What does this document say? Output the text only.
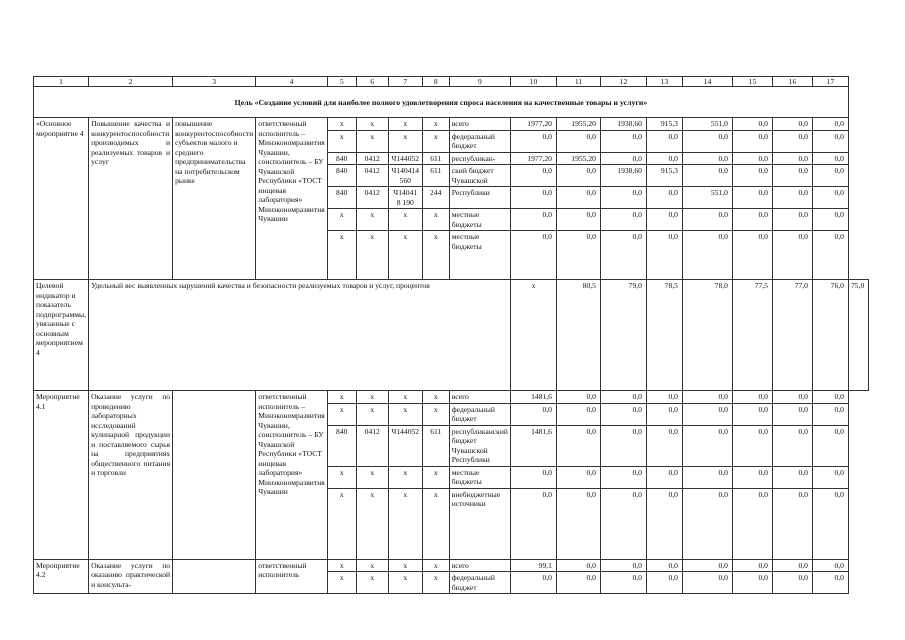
1	2	3	4	5	6	7	8	9	10	11	12	13	14	15	16	17	
Цель «Создание условий для наиболее полного удовлетворения спроса населения на качественные товары и услуги»																	
«Основное мероприятие 4	Повышение качества и конкурентоспособности производимых и реализуемых товаров и услуг	повышение конкурентоспособности субъектов малого и среднего предпринимательства на потребительском рынке	ответственный исполнитель – Минэкономразвития Чувашии, соисполнитель – БУ Чувашской Республики «ТОСТ инщевая лаборатория» Минэкономразвития Чувашии	x	x	x	x	всего	1977,20	1955,20	1938,60	915,3	551,0	0,0	0,0	0,0	
				x	x	x	x	федеральный бюджет	0,0	0,0	0,0	0,0	0,0	0,0	0,0	0,0	
				840	0412	Ч144052	611	республикан-	1977,20	1955,20	0,0	0,0	0,0	0,0	0,0	0,0	
				840	0412	Ч140414 560	611	ский бюджет Чувашской	0,0	0,0	1938,60	915,3	0,0	0,0	0,0	0,0	
				840	0412	Ч14041 8 190	244	Республики	0,0	0,0	0,0	0,0	551,0	0,0	0,0	0,0	
				x	x	x	x	местные бюджеты	0,0	0,0	0,0	0,0	0,0	0,0	0,0	0,0	
				x	x	x	x	местные бюджеты	0,0	0,0	0,0	0,0	0,0	0,0	0,0	0,0	
Целевой индикатор и показатель подпрограммы, увязанные с основным мероприятием 4	Удельный вес выявленных нарушений качества и безопасности реализуемых товаров и услуг, процентов								x	80,5	79,0	78,5	78,0	77,5	77,0	76,0	75,0
Мероприятие 4.1	Оказание услуги по проведению лабораторных исследований кулинарной продукции и поставляемого сырья на предприятиях общественного питания и торговли		ответственный исполнитель – Минэкономразвития Чувашии, соисполнитель – БУ Чувашской Республики «ТОСТ инщевая лаборатория» Минэкономразвития Чувашии	x	x	x	x	всего	1481,6	0,0	0,0	0,0	0,0	0,0	0,0	0,0	
				x	x	x	x	федеральный бюджет	0,0	0,0	0,0	0,0	0,0	0,0	0,0	0,0	
				840	0412	Ч144052	611	республиканский бюджет Чувашской Республики	1481,6	0,0	0,0	0,0	0,0	0,0	0,0	0,0	
				x	x	x	x	местные бюджеты	0,0	0,0	0,0	0,0	0,0	0,0	0,0	0,0	
				x	x	x	x	внебюджетные источники	0,0	0,0	0,0	0,0	0,0	0,0	0,0	0,0	
Мероприятие 4.2	Оказание услуги по оказанию практической и консульта-		ответственный исполнитель	x	x	x	x	всего	99,1	0,0	0,0	0,0	0,0	0,0	0,0	0,0	
				x	x	x	x	федеральный бюджет	0,0	0,0	0,0	0,0	0,0	0,0	0,0	0,0	
